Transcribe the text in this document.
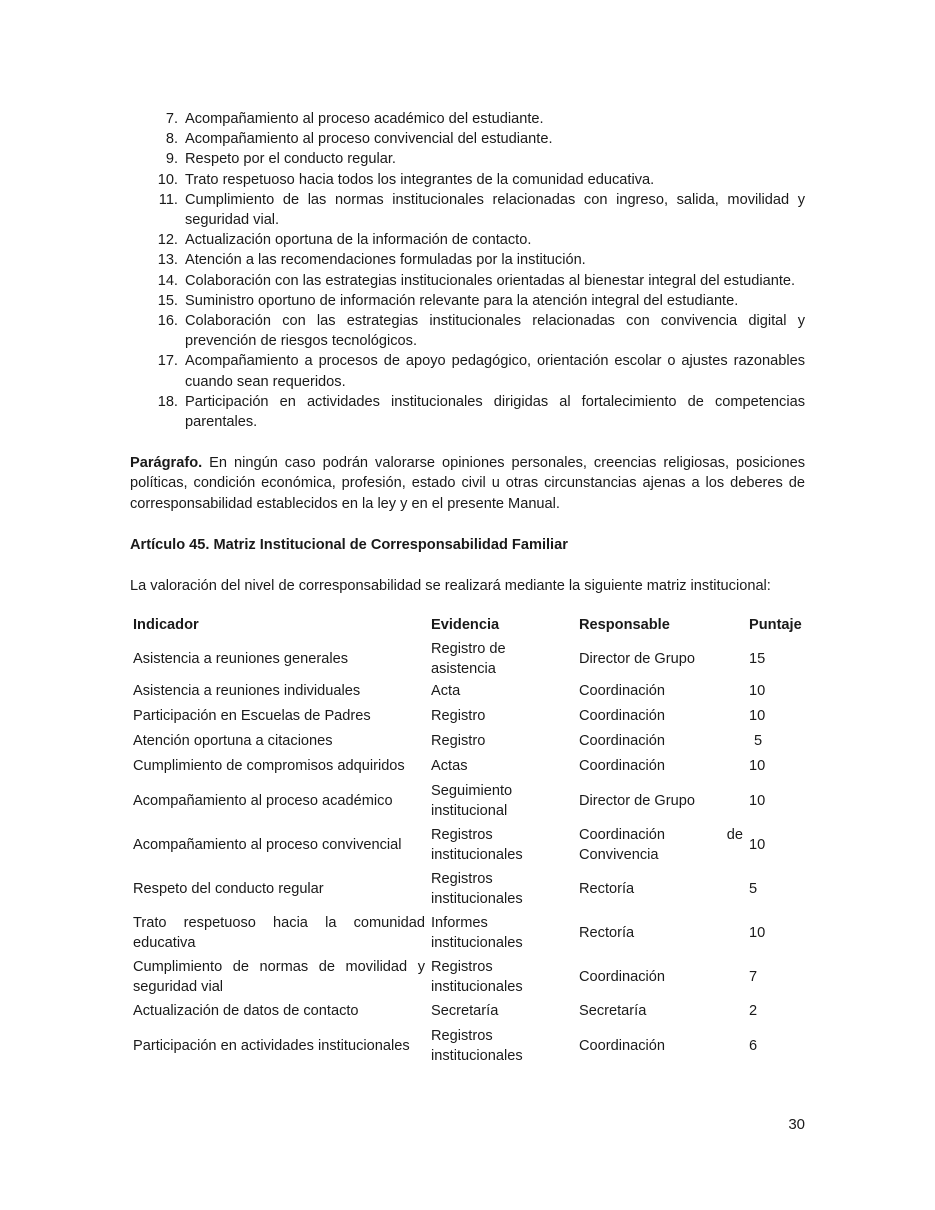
7. Acompañamiento al proceso académico del estudiante.
8. Acompañamiento al proceso convivencial del estudiante.
9. Respeto por el conducto regular.
10. Trato respetuoso hacia todos los integrantes de la comunidad educativa.
11. Cumplimiento de las normas institucionales relacionadas con ingreso, salida, movilidad y seguridad vial.
12. Actualización oportuna de la información de contacto.
13. Atención a las recomendaciones formuladas por la institución.
14. Colaboración con las estrategias institucionales orientadas al bienestar integral del estudiante.
15. Suministro oportuno de información relevante para la atención integral del estudiante.
16. Colaboración con las estrategias institucionales relacionadas con convivencia digital y prevención de riesgos tecnológicos.
17. Acompañamiento a procesos de apoyo pedagógico, orientación escolar o ajustes razonables cuando sean requeridos.
18. Participación en actividades institucionales dirigidas al fortalecimiento de competencias parentales.

Parágrafo. En ningún caso podrán valorarse opiniones personales, creencias religiosas, posiciones políticas, condición económica, profesión, estado civil u otras circunstancias ajenas a los deberes de corresponsabilidad establecidos en la ley y en el presente Manual.

Artículo 45. Matriz Institucional de Corresponsabilidad Familiar
La valoración del nivel de corresponsabilidad se realizará mediante la siguiente matriz institucional:
Indicador	Evidencia	Responsable	Puntaje
Asistencia a reuniones generales	Registro de asistencia	Director de Grupo	15
Asistencia a reuniones individuales	Acta	Coordinación	10
Participación en Escuelas de Padres	Registro	Coordinación	10
Atención oportuna a citaciones	Registro	Coordinación	5
Cumplimiento de compromisos adquiridos	Actas	Coordinación	10
Acompañamiento al proceso académico	Seguimiento institucional	Director de Grupo	10
Acompañamiento al proceso convivencial	Registros institucionales	Coordinación de Convivencia	10
Respeto del conducto regular	Registros institucionales	Rectoría	5
Trato respetuoso hacia la comunidad educativa	Informes institucionales	Rectoría	10
Cumplimiento de normas de movilidad y seguridad vial	Registros institucionales	Coordinación	7
Actualización de datos de contacto	Secretaría	Secretaría	2
Participación en actividades institucionales	Registros institucionales	Coordinación	6
30
